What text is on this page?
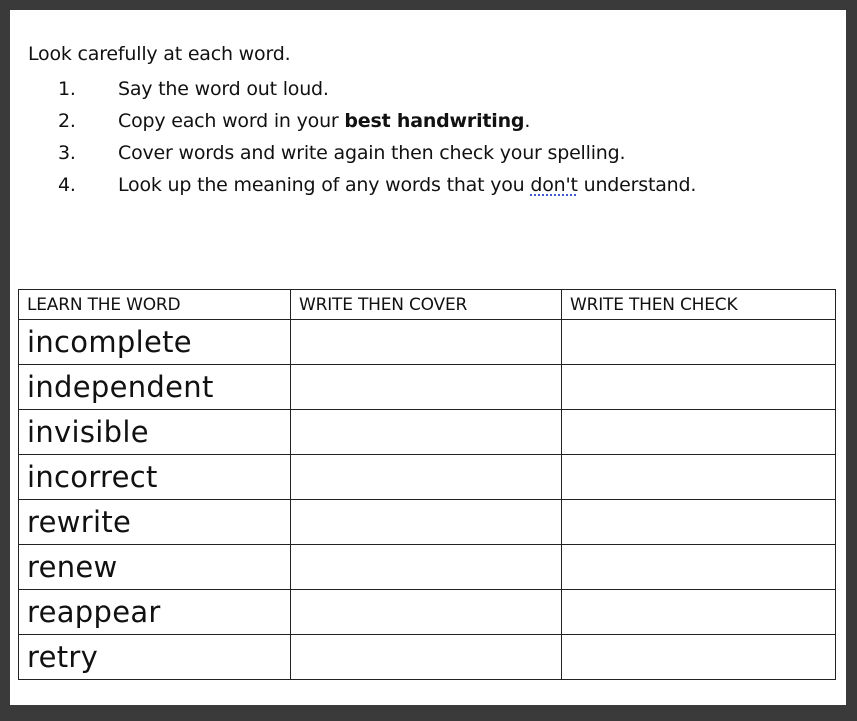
Look carefully at each word.
1. Say the word out loud.
2. Copy each word in your best handwriting.
3. Cover words and write again then check your spelling.
4. Look up the meaning of any words that you don't understand.
LEARN THE WORD	WRITE THEN COVER	WRITE THEN CHECK
incomplete		
independent		
invisible		
incorrect		
rewrite		
renew		
reappear		
retry		
